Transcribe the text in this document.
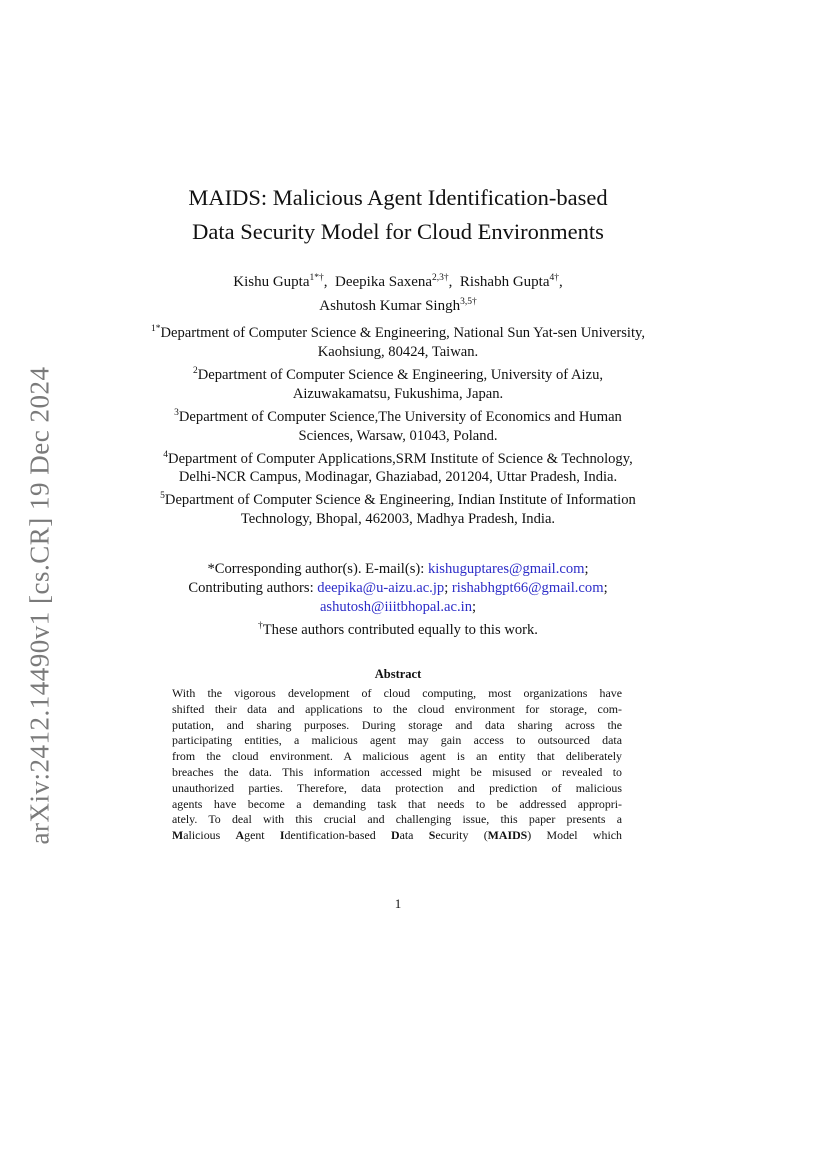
arXiv:2412.14490v1 [cs.CR] 19 Dec 2024
MAIDS: Malicious Agent Identification-based
Data Security Model for Cloud Environments
Kishu Gupta$^{1*\dagger}$,  Deepika Saxena$^{2,3\dagger}$,  Rishabh Gupta$^{4\dagger}$,
Ashutosh Kumar Singh$^{3,5\dagger}$

$^{1*}$Department of Computer Science & Engineering, National Sun Yat-sen University, Kaohsiung, 80424, Taiwan.

$^2$Department of Computer Science & Engineering, University of Aizu, Aizuwakamatsu, Fukushima, Japan.

$^3$Department of Computer Science,The University of Economics and Human Sciences, Warsaw, 01043, Poland.

$^4$Department of Computer Applications,SRM Institute of Science & Technology, Delhi-NCR Campus, Modinagar, Ghaziabad, 201204, Uttar Pradesh, India.

$^5$Department of Computer Science & Engineering, Indian Institute of Information Technology, Bhopal, 462003, Madhya Pradesh, India.

*Corresponding author(s). E-mail(s): kishuguptares@gmail.com;
Contributing authors: deepika@u-aizu.ac.jp; rishabhgpt66@gmail.com;
ashutosh@iiitbhopal.ac.in;
†These authors contributed equally to this work.
Abstract

With the vigorous development of cloud computing, most organizations have

shifted their data and applications to the cloud environment for storage, com-

putation, and sharing purposes. During storage and data sharing across the

participating entities, a malicious agent may gain access to outsourced data

from the cloud environment. A malicious agent is an entity that deliberately

breaches the data. This information accessed might be misused or revealed to

unauthorized parties. Therefore, data protection and prediction of malicious

agents have become a demanding task that needs to be addressed appropri-

ately. To deal with this crucial and challenging issue, this paper presents a

Malicious Agent Identification-based Data Security (MAIDS) Model which

1
